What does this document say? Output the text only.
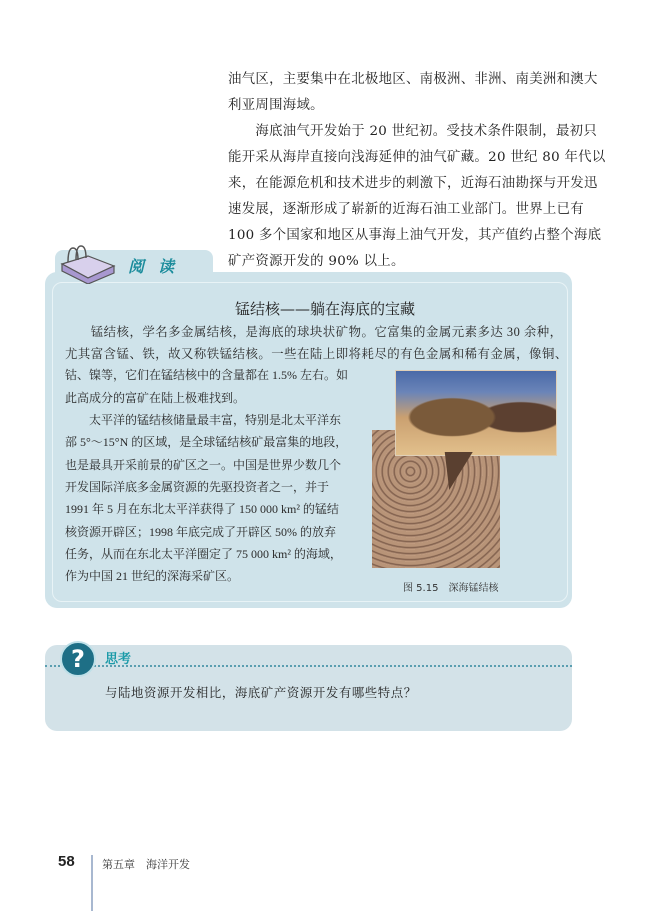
油气区，主要集中在北极地区、南极洲、非洲、南美洲和澳大
利亚周围海域。
　　海底油气开发始于 20 世纪初。受技术条件限制，最初只
能开采从海岸直接向浅海延伸的油气矿藏。20 世纪 80 年代以
来，在能源危机和技术进步的刺激下，近海石油勘探与开发迅
速发展，逐渐形成了崭新的近海石油工业部门。世界上已有
100 多个国家和地区从事海上油气开发，其产值约占整个海底
矿产资源开发的 90% 以上。
阅读
锰结核——躺在海底的宝藏
图 5.15　深海锰结核
　　锰结核，学名多金属结核，是海底的球块状矿物。它富集的金属元素多达 30 余种，
尤其富含锰、铁，故又称铁锰结核。一些在陆上即将耗尽的有色金属和稀有金属，像铜、
钴、镍等，它们在锰结核中的含量都在 1.5% 左右。如
此高成分的富矿在陆上极难找到。
　　太平洋的锰结核储量最丰富，特别是北太平洋东
部 5°～15°N 的区域，是全球锰结核矿最富集的地段，
也是最具开采前景的矿区之一。中国是世界少数几个
开发国际洋底多金属资源的先驱投资者之一，并于
1991 年 5 月在东北太平洋获得了 150 000 km² 的锰结
核资源开辟区；1998 年底完成了开辟区 50% 的放弃
任务，从而在东北太平洋圈定了 75 000 km² 的海域，
作为中国 21 世纪的深海采矿区。
?	思考
与陆地资源开发相比，海底矿产资源开发有哪些特点？
58 第五章　海洋开发
